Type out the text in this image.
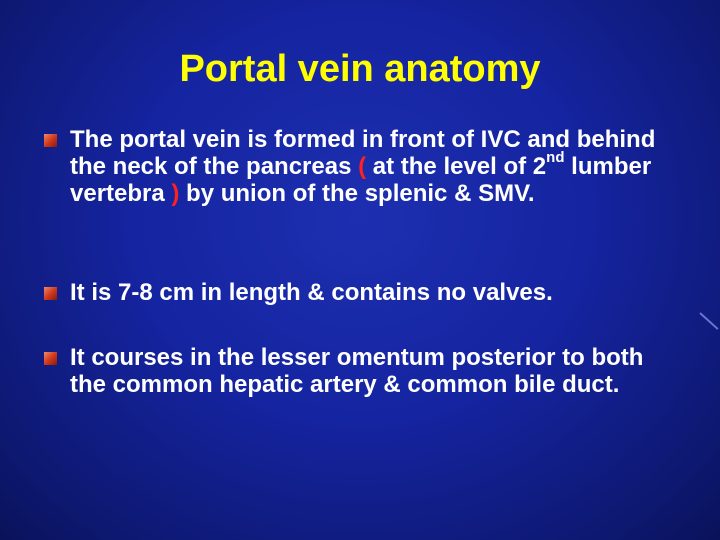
Portal vein anatomy
The portal vein is formed in front of IVC and behind the neck of the pancreas ( at the level of 2nd lumber vertebra ) by union of the splenic & SMV.
It is 7-8 cm in length & contains no valves.
It courses in the lesser omentum posterior to both the common hepatic artery & common bile duct.
